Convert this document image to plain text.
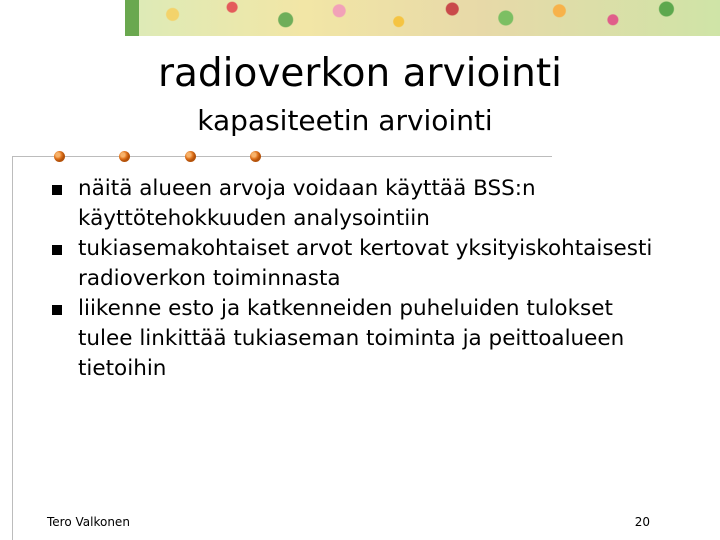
radioverkon arviointi
kapasiteetin arviointi
näitä alueen arvoja voidaan käyttää BSS:n käyttötehokkuuden analysointiin
tukiasemakohtaiset arvot kertovat yksityiskohtaisesti radioverkon toiminnasta
liikenne esto ja katkenneiden puheluiden tulokset tulee linkittää tukiaseman toiminta ja peittoalueen tietoihin
Tero Valkonen	20
